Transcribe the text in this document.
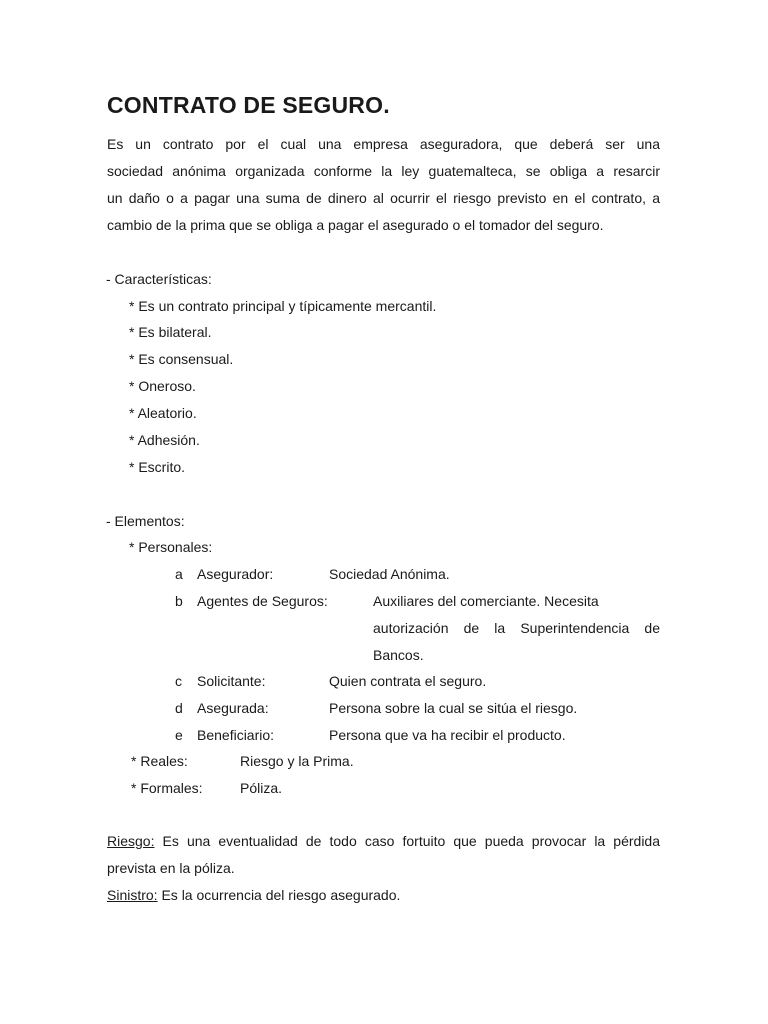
CONTRATO DE SEGURO.
Es un contrato por el cual una empresa aseguradora, que deberá ser una
sociedad anónima organizada conforme la ley guatemalteca, se obliga a resarcir
un daño o a pagar una suma de dinero al ocurrir el riesgo previsto en el contrato, a
cambio de la prima que se obliga a pagar el asegurado o el tomador del seguro.
- Características:
* Es un contrato principal y típicamente mercantil.
* Es bilateral.
* Es consensual.
* Oneroso.
* Aleatorio.
* Adhesión.
* Escrito.
- Elementos:
* Personales:
a Asegurador:	Sociedad Anónima.
b Agentes de Seguros:	Auxiliares del comerciante. Necesita
autorización de la Superintendencia de
Bancos.
c Solicitante:	Quien contrata el seguro.
d Asegurada:	Persona sobre la cual se sitúa el riesgo.
e Beneficiario:	Persona que va ha recibir el producto.
* Reales:	Riesgo y la Prima.
* Formales:	Póliza.
Riesgo: Es una eventualidad de todo caso fortuito que pueda provocar la pérdida
prevista en la póliza.
Sinistro: Es la ocurrencia del riesgo asegurado.
